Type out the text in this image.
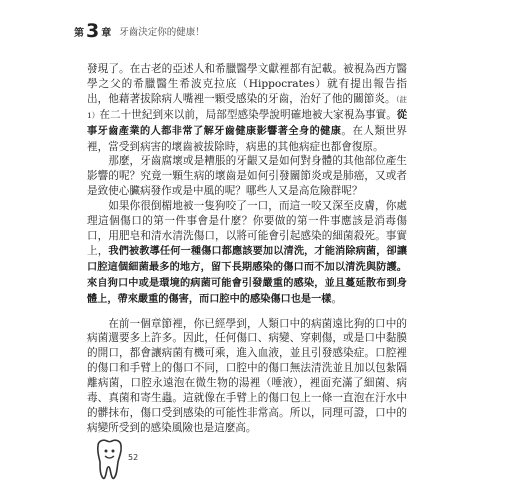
第 3 章 牙齒決定你的健康！

發現了。在古老的亞述人和希臘醫學文獻裡都有記載。被視為西方醫學之父的希臘醫生希波克拉底（Hippocrates）就有提出報告指出，他藉著拔除病人嘴裡一顆受感染的牙齒，治好了他的關節炎。（註1）在二十世紀到來以前，局部型感染學說明確地被大家視為事實。從事牙齒產業的人都非常了解牙齒健康影響著全身的健康。在人類世界裡，當受到病害的壞齒被拔除時，病患的其他病症也都會復原。

那麼，牙齒腐壞或是糟脹的牙齦又是如何對身體的其他部位產生影響的呢？究竟一顆生病的壞齒是如何引發關節炎或是肺癌，又或者是致使心臟病發作或是中風的呢？哪些人又是高危險群呢？

如果你很倒楣地被一隻狗咬了一口，而這一咬又深至皮膚，你處理這個傷口的第一件事會是什麼？你要做的第一件事應該是消毒傷口，用肥皂和清水清洗傷口，以將可能會引起感染的細菌殺死。事實上，我們被教導任何一種傷口都應該要加以清洗，才能消除病菌，卻讓口腔這個細菌最多的地方，留下長期感染的傷口而不加以清洗與防護。來自狗口中或是環境的病菌可能會引發嚴重的感染，並且蔓延散布到身體上，帶來嚴重的傷害，而口腔中的感染傷口也是一樣。

在前一個章節裡，你已經學到，人類口中的病菌遠比狗的口中的病菌還要多上許多。因此，任何傷口、病變、穿刺傷，或是口中黏膜的開口，都會讓病菌有機可乘，進入血液，並且引發感染症。口腔裡的傷口和手臂上的傷口不同，口腔中的傷口無法清洗並且加以包紮隔離病菌，口腔永遠泡在微生物的湯裡（唾液），裡面充滿了細菌、病毒、真菌和寄生蟲。這就像在手臂上的傷口包上一條一直泡在汙水中的髒抹布，傷口受到感染的可能性非常高。所以，同理可證，口中的病變所受到的感染風險也是這麼高。

52
